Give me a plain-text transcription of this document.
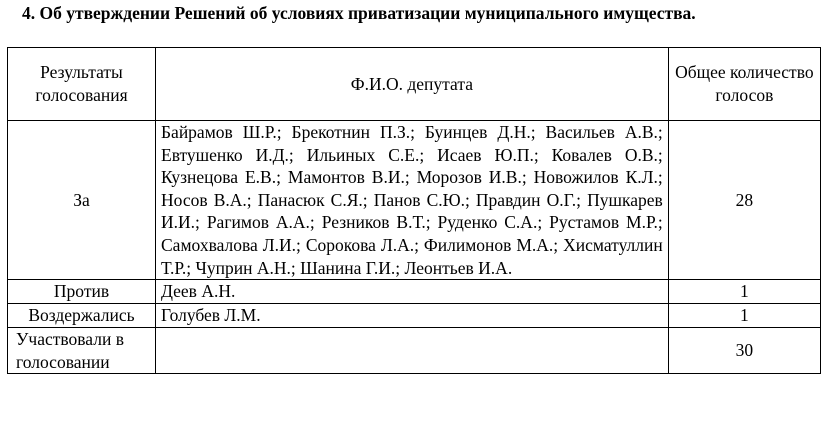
4. Об утверждении Решений об условиях приватизации муниципального имущества.
Результаты голосования	Ф.И.О. депутата	Общее количество голосов
За	Байрамов Ш.Р.; Брекотнин П.З.; Буинцев Д.Н.; Васильев А.В.; Евтушенко И.Д.; Ильиных С.Е.; Исаев Ю.П.; Ковалев О.В.; Кузнецова Е.В.; Мамонтов В.И.; Морозов И.В.; Новожилов К.Л.; Носов В.А.; Панасюк С.Я.; Панов С.Ю.; Правдин О.Г.; Пушкарев И.И.; Рагимов А.А.; Резников В.Т.; Руденко С.А.; Рустамов М.Р.; Самохвалова Л.И.; Сорокова Л.А.; Филимонов М.А.; Хисматуллин Т.Р.; Чуприн А.Н.; Шанина Г.И.; Леонтьев И.А.	28
Против	Деев А.Н.	1
Воздержались	Голубев Л.М.	1
Участвовали в голосовании		30
